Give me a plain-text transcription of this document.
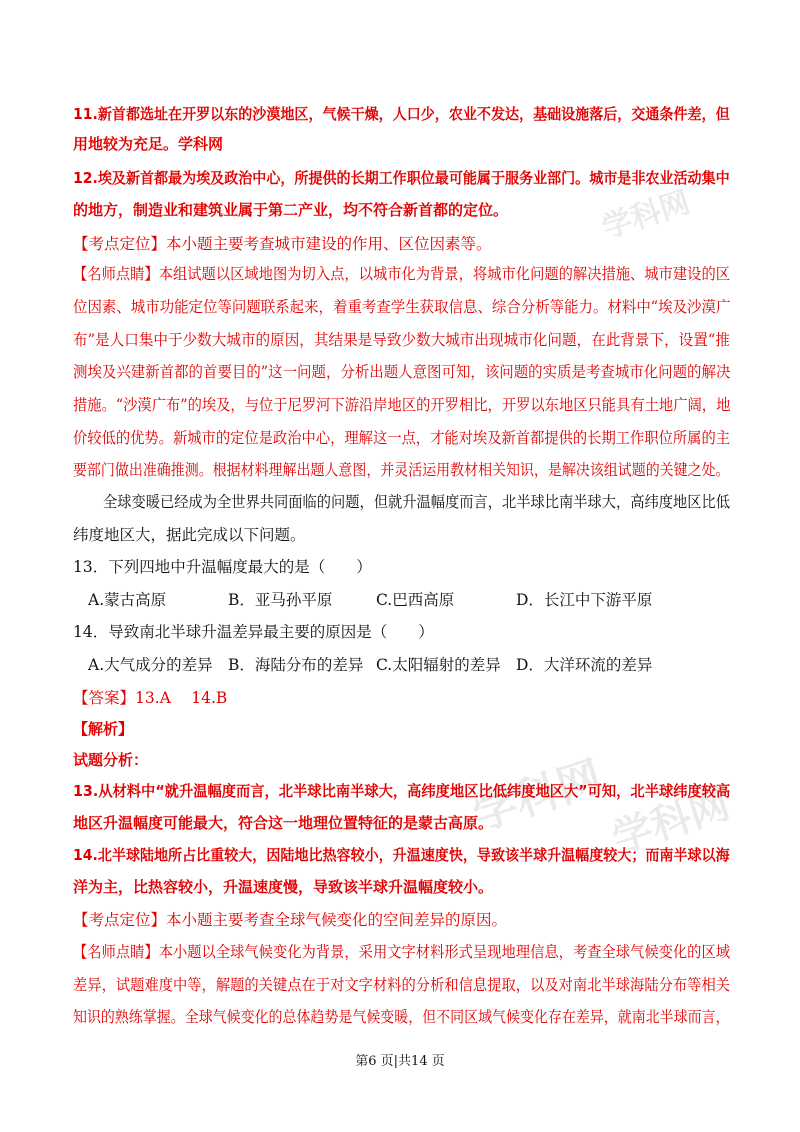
学科网
学科网
学科网
11.新首都选址在开罗以东的沙漠地区，气候干燥，人口少，农业不发达，基础设施落后，交通条件差，但
用地较为充足。学科网
12.埃及新首都最为埃及政治中心，所提供的长期工作职位最可能属于服务业部门。城市是非农业活动集中
的地方，制造业和建筑业属于第二产业，均不符合新首都的定位。
【考点定位】本小题主要考查城市建设的作用、区位因素等。
【名师点睛】本组试题以区域地图为切入点，以城市化为背景，将城市化问题的解决措施、城市建设的区
位因素、城市功能定位等问题联系起来，着重考查学生获取信息、综合分析等能力。材料中“埃及沙漠广
布”是人口集中于少数大城市的原因，其结果是导致少数大城市出现城市化问题，在此背景下，设置“推
测埃及兴建新首都的首要目的”这一问题，分析出题人意图可知，该问题的实质是考查城市化问题的解决
措施。“沙漠广布”的埃及，与位于尼罗河下游沿岸地区的开罗相比，开罗以东地区只能具有土地广阔，地
价较低的优势。新城市的定位是政治中心，理解这一点，才能对埃及新首都提供的长期工作职位所属的主
要部门做出准确推测。根据材料理解出题人意图，并灵活运用教材相关知识，是解决该组试题的关键之处。
全球变暖已经成为全世界共同面临的问题，但就升温幅度而言，北半球比南半球大，高纬度地区比低
纬度地区大，据此完成以下问题。
13．下列四地中升温幅度最大的是（　　）
A.蒙古高原	B．亚马孙平原	C.巴西高原	D．长江中下游平原
14．导致南北半球升温差异最主要的原因是（　　）
A.大气成分的差异 B．海陆分布的差异 C.太阳辐射的差异 D．大洋环流的差异
【答案】13.A　 14.B
【解析】
试题分析：
13.从材料中“就升温幅度而言，北半球比南半球大，高纬度地区比低纬度地区大”可知，北半球纬度较高
地区升温幅度可能最大，符合这一地理位置特征的是蒙古高原。
14.北半球陆地所占比重较大，因陆地比热容较小，升温速度快，导致该半球升温幅度较大；而南半球以海
洋为主，比热容较小，升温速度慢，导致该半球升温幅度较小。
【考点定位】本小题主要考查全球气候变化的空间差异的原因。
【名师点睛】本小题以全球气候变化为背景，采用文字材料形式呈现地理信息，考查全球气候变化的区域
差异，试题难度中等，解题的关键点在于对文字材料的分析和信息提取，以及对南北半球海陆分布等相关
知识的熟练掌握。全球气候变化的总体趋势是气候变暖，但不同区域气候变化存在差异，就南北半球而言，
第6 页|共14 页
